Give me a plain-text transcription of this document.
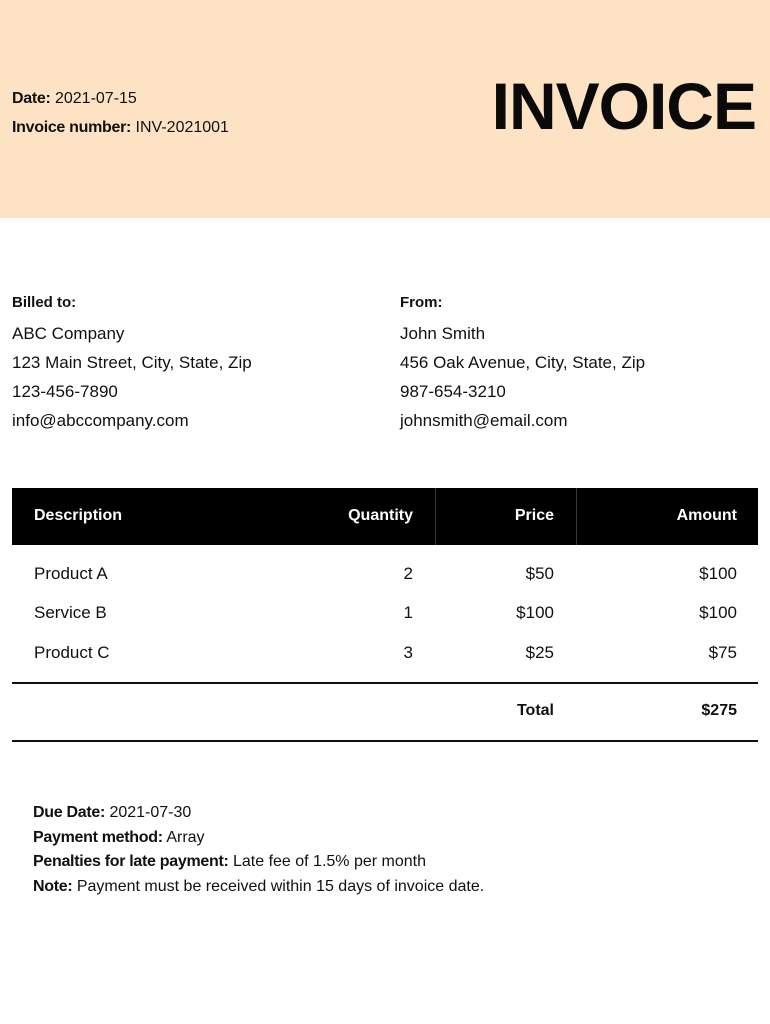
Date: 2021-07-15
Invoice number: INV-2021001	INVOICE
Billed to:
ABC Company
123 Main Street, City, State, Zip
123-456-7890
info@abccompany.com
From:
John Smith
456 Oak Avenue, City, State, Zip
987-654-3210
johnsmith@email.com
Description	Quantity	Price	Amount
Product A	2	$50	$100
Service B	1	$100	$100
Product C	3	$25	$75
Total	$275
Due Date: 2021-07-30
Payment method: Array
Penalties for late payment: Late fee of 1.5% per month
Note: Payment must be received within 15 days of invoice date.
